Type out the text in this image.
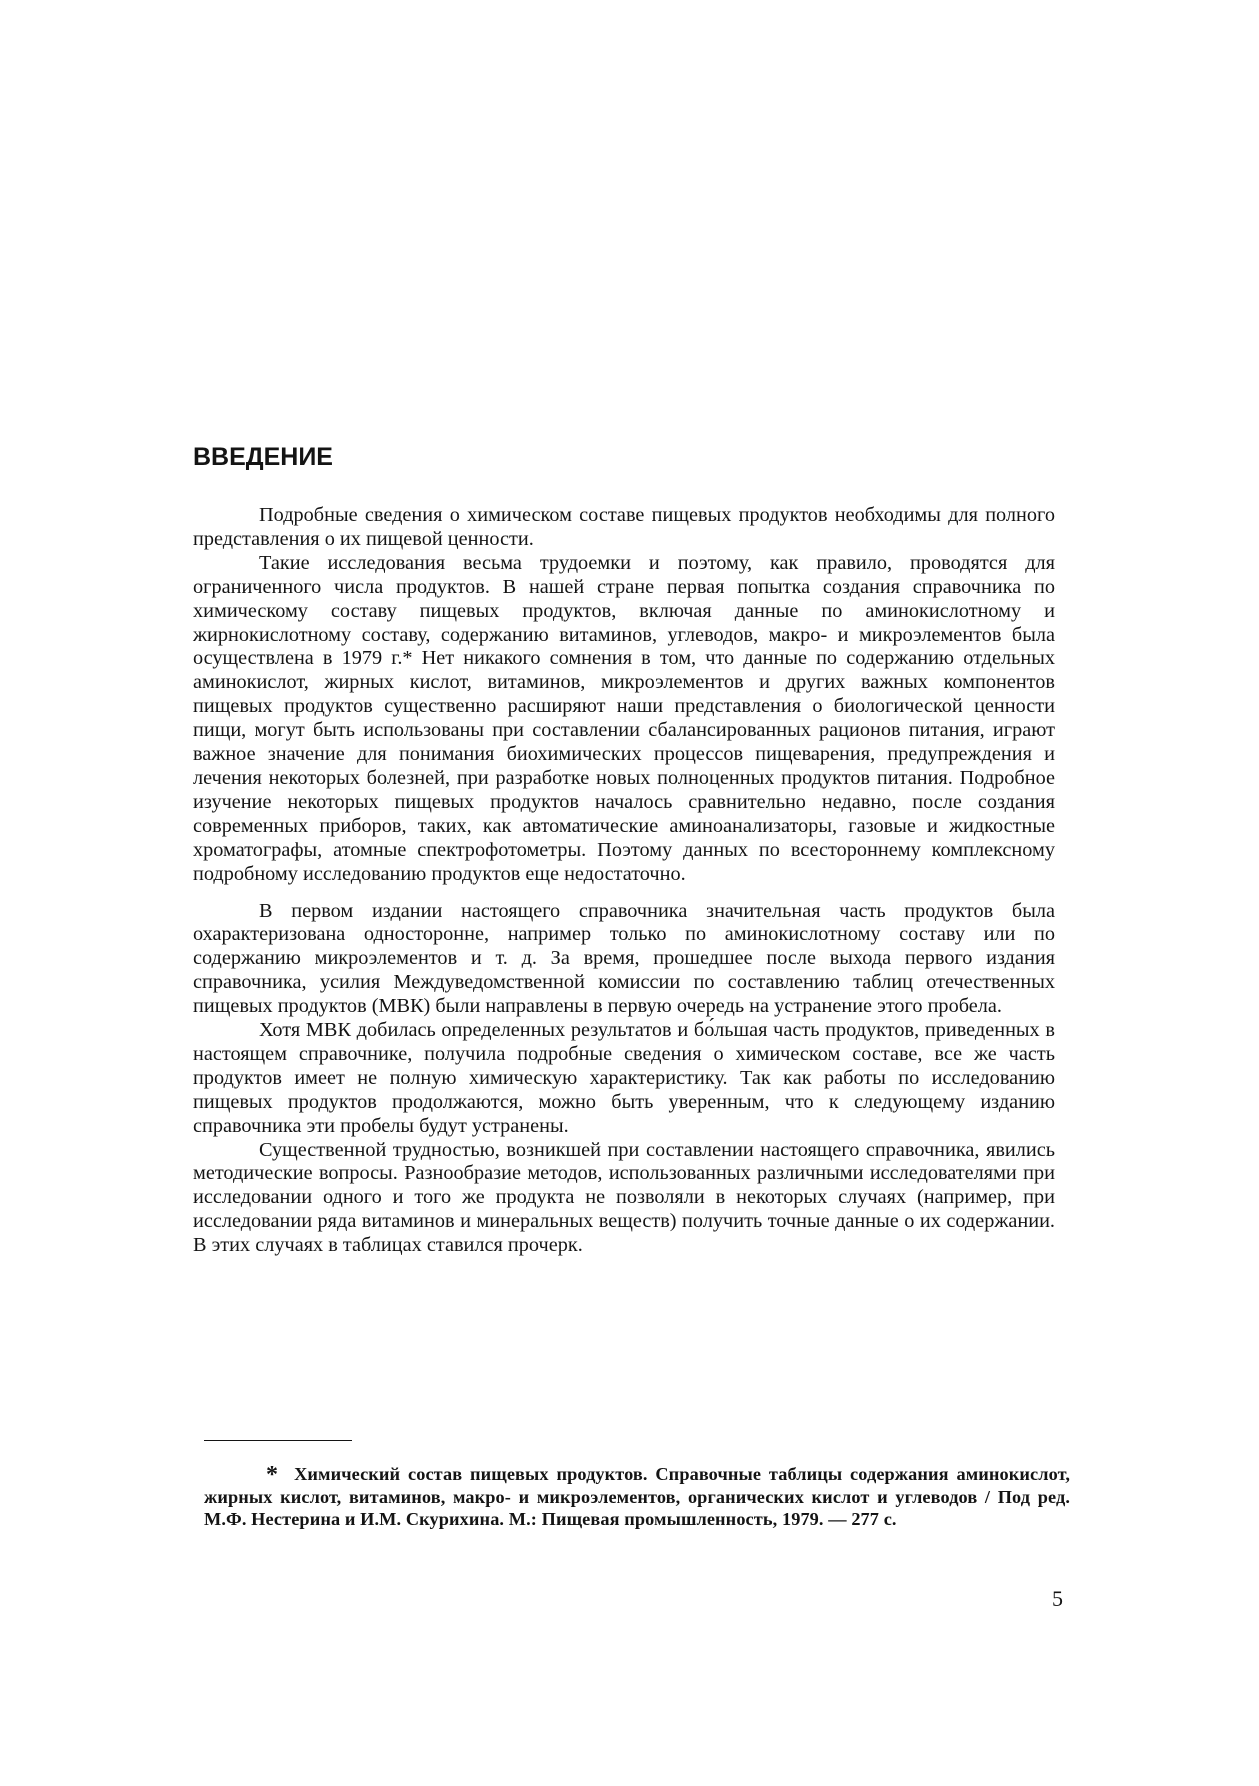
ВВЕДЕНИЕ

Подробные сведения о химическом составе пищевых продуктов необходимы для полного представления о их пищевой ценности.

Такие исследования весьма трудоемки и поэтому, как правило, проводятся для ограниченного числа продуктов. В нашей стране первая попытка создания справочника по химическому составу пищевых продуктов, включая данные по аминокислотному и жирнокислотному составу, содержанию витаминов, углеводов, макро- и микроэлементов была осуществлена в 1979 г.* Нет никакого сомнения в том, что данные по содержанию отдельных аминокислот, жирных кислот, витаминов, микроэлементов и других важных компонентов пищевых продуктов существенно расширяют наши представления о биологической ценности пищи, могут быть использованы при составлении сбалансированных рационов питания, играют важное значение для понимания биохимических процессов пищеварения, предупреждения и лечения некоторых болезней, при разработке новых полноценных продуктов питания. Подробное изучение некоторых пищевых продуктов началось сравнительно недавно, после создания современных приборов, таких, как автоматические аминоанализаторы, газовые и жидкостные хроматографы, атомные спектрофотометры. Поэтому данных по всестороннему комплексному подробному исследованию продуктов еще недостаточно.

В первом издании настоящего справочника значительная часть продуктов была охарактеризована односторонне, например только по аминокислотному составу или по содержанию микроэлементов и т. д. За время, прошедшее после выхода первого издания справочника, усилия Междуведомственной комиссии по составлению таблиц отечественных пищевых продуктов (МВК) были направлены в первую очередь на устранение этого пробела.

Хотя МВК добилась определенных результатов и бо́льшая часть продуктов, приведенных в настоящем справочнике, получила подробные сведения о химическом составе, все же часть продуктов имеет не полную химическую характеристику. Так как работы по исследованию пищевых продуктов продолжаются, можно быть уверенным, что к следующему изданию справочника эти пробелы будут устранены.

Существенной трудностью, возникшей при составлении настоящего справочника, явились методические вопросы. Разнообразие методов, использованных различными исследователями при исследовании одного и того же продукта не позволяли в некоторых случаях (например, при исследовании ряда витаминов и минеральных веществ) получить точные данные о их содержании. В этих случаях в таблицах ставился прочерк.

* Химический состав пищевых продуктов. Справочные таблицы содержания аминокислот, жирных кислот, витаминов, макро- и микроэлементов, органических кислот и углеводов / Под ред. М.Ф. Нестерина и И.М. Скурихина. М.: Пищевая промышленность, 1979. — 277 с.

5
